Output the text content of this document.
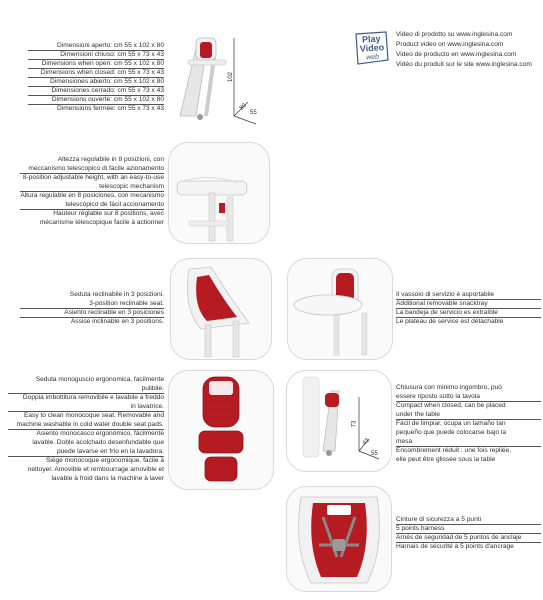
Dimensioni aperto: cm 55 x 102 x 80
Dimensioni chiuso: cm 55 x 73 x 43
Dimensions when open: cm 55 x 102 x 80
Dimensions when closed: cm 55 x 73 x 43
Dimensiones abierto: cm 55 x 102 x 80
Dimensiones cerrado: cm 55 x 73 x 43
Dimensions ouverte: cm 55 x 102 x 80
Dimensions fermée: cm 55 x 73 x 43
102
80
55
Play
Video
web
Video di prodotto su www.inglesina.com
Product video on www.inglesina.com
Video de producto en www.inglesina.com
Vidéo du produit sur le site www.inglesina.com
Altezza regolabile in 8 posizioni, con
meccanismo telescopico di facile azionamento
8-position adjustable height, with an easy-to-use
telescopic mechanism
Altura regulable en 8 posiciones, con mecanismo
telescópico de fácil accionamento
Hauteur réglable sur 8 positions, avec
mécanisme télescopique facile à actionner
Seduta reclinabile in 3 posizioni.
3-position reclinable seat.
Asiento reclinable en 3 posiciones
Assise inclinable en 3 positions.
Il vassoio di servizio è asportabile
Additional removable snacktray
La bandeja de servicio es extraíble
Le plateau de service est détachable
Seduta monoguscio ergonomica, facilmente
pulibile.
Doppia imbottitura removibile e lavabile a freddo
in lavatrice.
Easy to clean monocoque seat. Removable and
machine washable in cold water double seat pads.
Asiento monocasco ergonómico, fácilmente
lavable. Doble acolchado desenfundable que
puede lavarse en frío en la lavadora.
Siège monocoque ergonomique, facile à
nettoyer. Amovible et rembourrage amovible et
lavable à froid dans la machine à laver
73
43
55
Chiusura con minimo ingombro, può
essere riposto sotto la tavola
Compact when closed, can be placed
under the table
Fácil de limpiar, ocupa un tamaño tan
pequeño que puede colocarse bajo la
mesa
Encombrement réduit : une fois repliée,
elle peut être glissée sous la table
Cinture di sicurezza a 5 punti
5 points harness
Arnés de seguridad de 5 puntos de anclaje
Harnais de sécurité à 5 points d'ancrage
